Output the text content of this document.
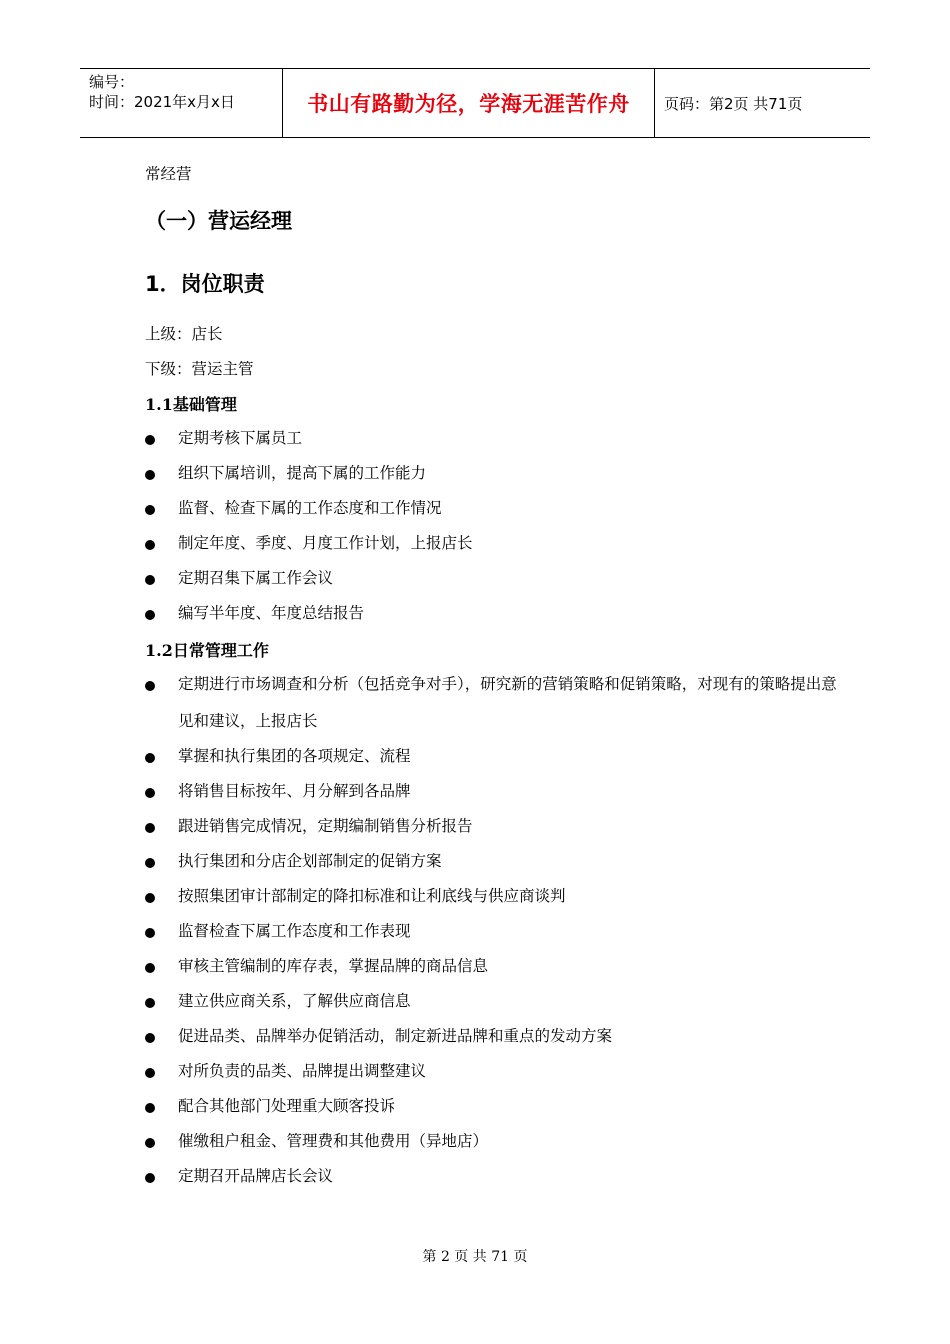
编号：
时间：2021年x月x日	书山有路勤为径，学海无涯苦作舟	页码：第2页 共71页
常经营
（一）营运经理
1．岗位职责
上级：店长
下级：营运主管
1.1基础管理
定期考核下属员工
组织下属培训，提高下属的工作能力
监督、检查下属的工作态度和工作情况
制定年度、季度、月度工作计划，上报店长
定期召集下属工作会议
编写半年度、年度总结报告
1.2日常管理工作
定期进行市场调查和分析（包括竞争对手），研究新的营销策略和促销策略，对现有的策略提出意见和建议，上报店长
掌握和执行集团的各项规定、流程
将销售目标按年、月分解到各品牌
跟进销售完成情况，定期编制销售分析报告
执行集团和分店企划部制定的促销方案
按照集团审计部制定的降扣标准和让利底线与供应商谈判
监督检查下属工作态度和工作表现
审核主管编制的库存表，掌握品牌的商品信息
建立供应商关系，了解供应商信息
促进品类、品牌举办促销活动，制定新进品牌和重点的发动方案
对所负责的品类、品牌提出调整建议
配合其他部门处理重大顾客投诉
催缴租户租金、管理费和其他费用（异地店）
定期召开品牌店长会议
第 2 页 共 71 页
